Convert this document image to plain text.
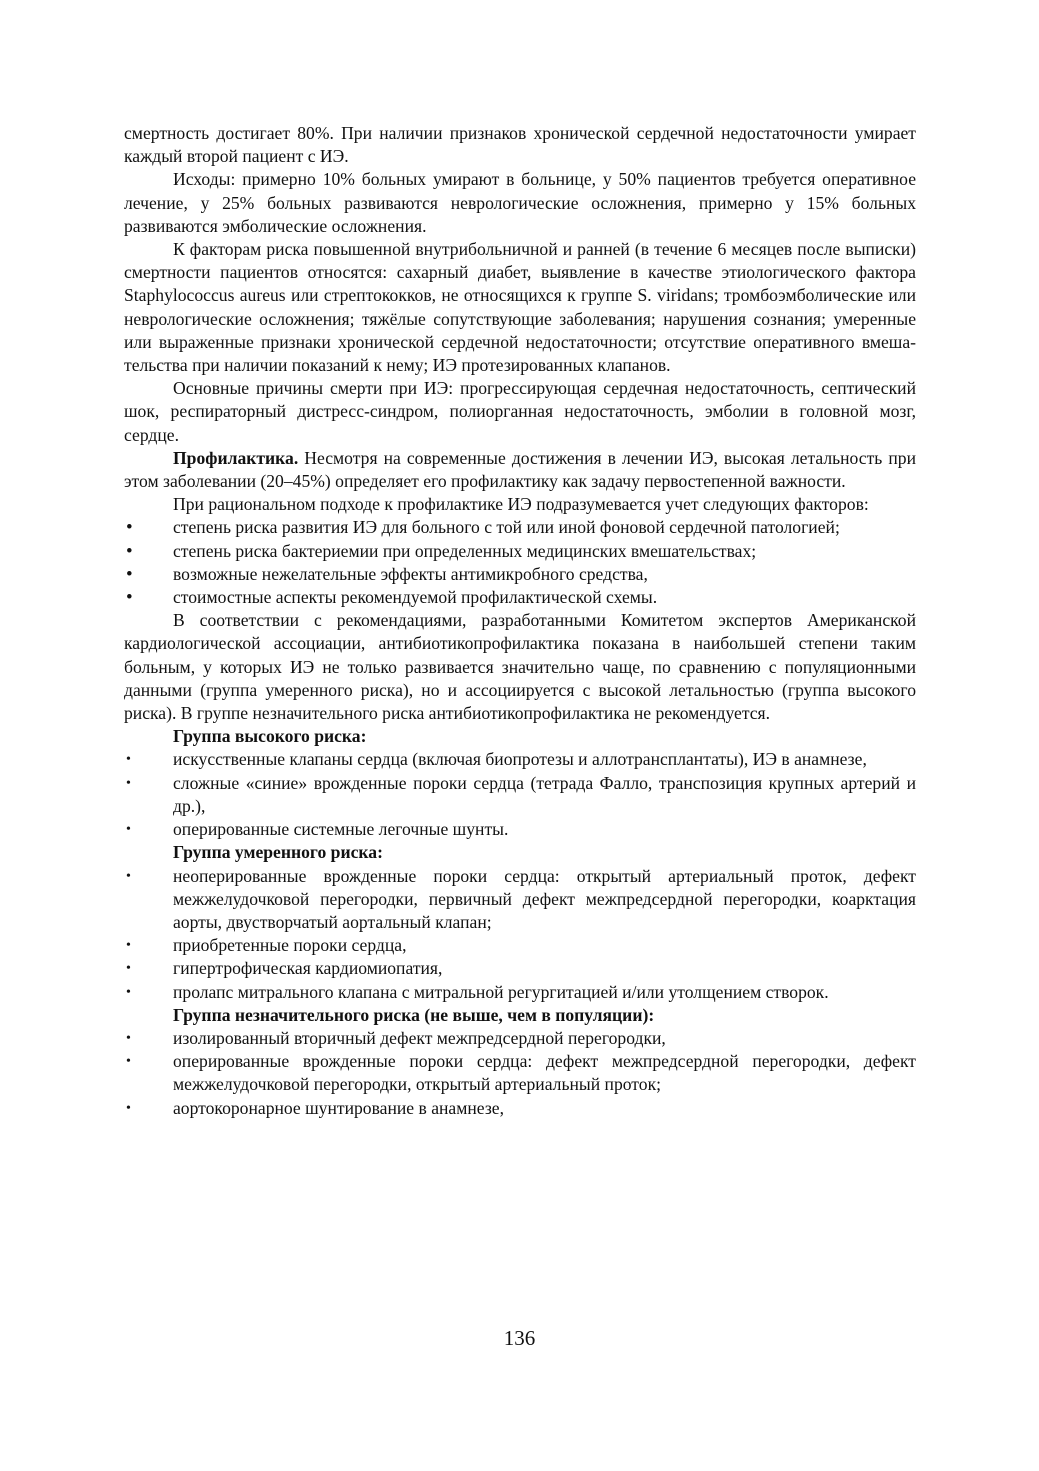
смертность достигает 80%. При наличии признаков хронической сердечной недостаточности умирает каждый второй пациент с ИЭ.

Исходы: примерно 10% больных умирают в больнице, у 50% пациентов требуется оперативное лечение, у 25% больных развиваются неврологические осложнения, примерно у 15% больных развиваются эмболические осложнения.

К факторам риска повышенной внутрибольничной и ранней (в течение 6 месяцев после выписки) смертности пациентов относятся: сахарный диабет, выявление в качестве этиологического фактора Staphylococcus aureus или стрептококков, не относящихся к группе S. viridans; тромбоэмболические или неврологические осложнения; тяжёлые сопутствующие заболевания; нарушения сознания; умеренные или выраженные признаки хронической сердечной недостаточности; отсутствие оперативного вмешательства при наличии показаний к нему; ИЭ протезированных клапанов.

Основные причины смерти при ИЭ: прогрессирующая сердечная недостаточность, септический шок, респираторный дистресс-синдром, полиорганная недостаточность, эмболии в головной мозг, сердце.

Профилактика. Несмотря на современные достижения в лечении ИЭ, высокая летальность при этом заболевании (20–45%) определяет его профилактику как задачу первостепенной важности.

При рациональном подходе к профилактике ИЭ подразумевается учет следующих факторов:

• степень риска развития ИЭ для больного с той или иной фоновой сердечной патологией;
• степень риска бактериемии при определенных медицинских вмешательствах;
• возможные нежелательные эффекты антимикробного средства,
• стоимостные аспекты рекомендуемой профилактической схемы.

В соответствии с рекомендациями, разработанными Комитетом экспертов Американской кардиологической ассоциации, антибиотикопрофилактика показана в наибольшей степени таким больным, у которых ИЭ не только развивается значительно чаще, по сравнению с популяционными данными (группа умеренного риска), но и ассоциируется с высокой летальностью (группа высокого риска). В группе незначительного риска антибиотикопрофилактика не рекомендуется.

Группа высокого риска:

• искусственные клапаны сердца (включая биопротезы и аллотрансплантаты), ИЭ в анамнезе,
• сложные «синие» врожденные пороки сердца (тетрада Фалло, транспозиция крупных артерий и др.),
• оперированные системные легочные шунты.

Группа умеренного риска:

• неоперированные врожденные пороки сердца: открытый артериальный проток, дефект межжелудочковой перегородки, первичный дефект межпредсердной перегородки, коарктация аорты, двустворчатый аортальный клапан;
• приобретенные пороки сердца,
• гипертрофическая кардиомиопатия,
• пролапс митрального клапана с митральной регургитацией и/или утолщением створок.

Группа незначительного риска (не выше, чем в популяции):

• изолированный вторичный дефект межпредсердной перегородки,
• оперированные врожденные пороки сердца: дефект межпредсердной перегородки, дефект межжелудочковой перегородки, открытый артериальный проток;
• аортокоронарное шунтирование в анамнезе,
136
